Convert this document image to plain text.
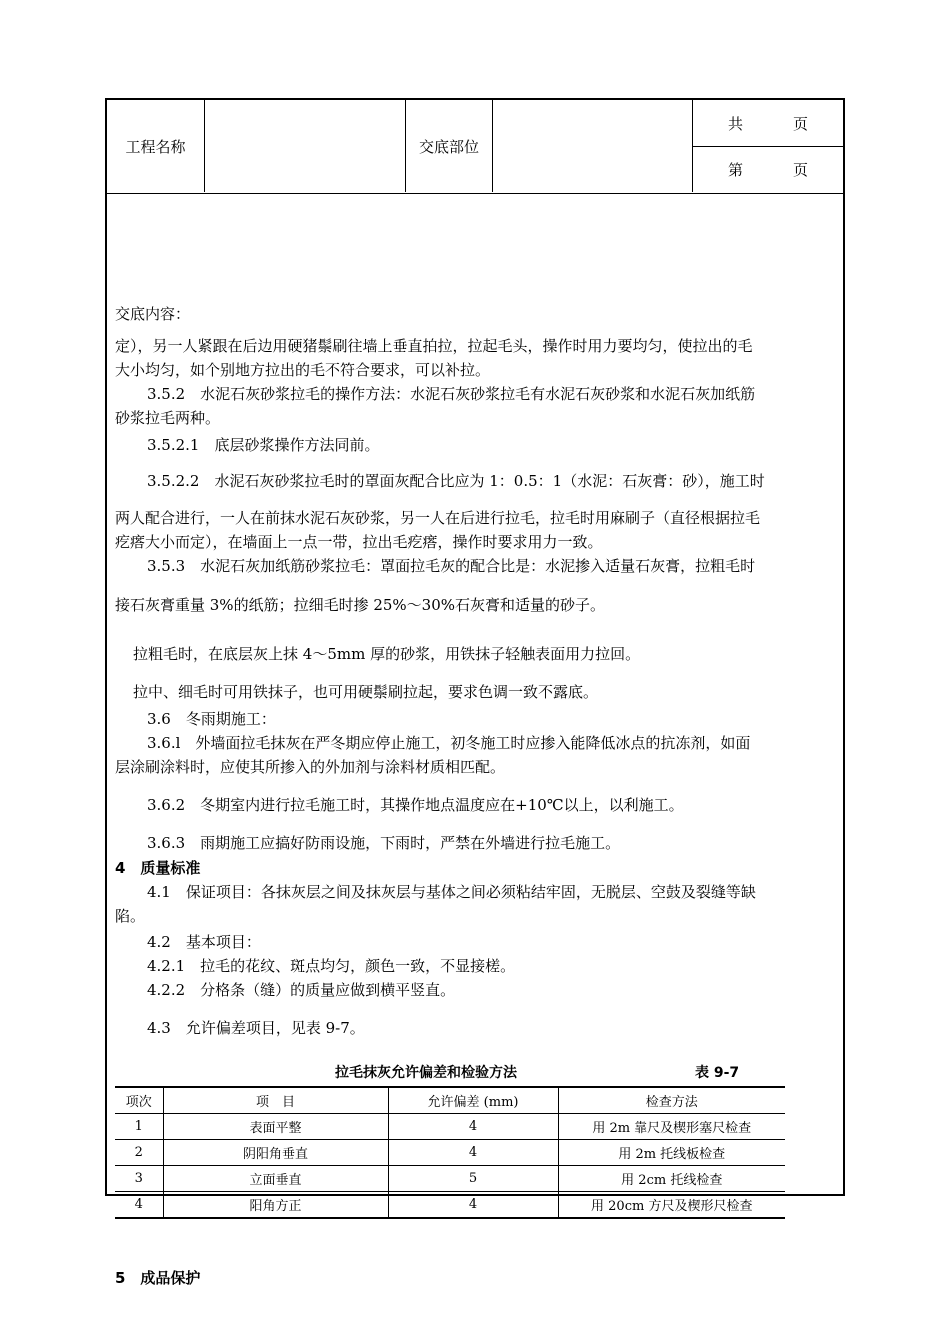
工程名称	交底部位
共	页
第	页
交底内容：
定），另一人紧跟在后边用硬猪鬃刷往墙上垂直拍拉，拉起毛头，操作时用力要均匀，使拉出的毛
大小均匀，如个别地方拉出的毛不符合要求，可以补拉。
3.5.2　水泥石灰砂浆拉毛的操作方法：水泥石灰砂浆拉毛有水泥石灰砂浆和水泥石灰加纸筋
砂浆拉毛两种。
3.5.2.1　底层砂浆操作方法同前。
3.5.2.2　水泥石灰砂浆拉毛时的罩面灰配合比应为 1：0.5：1（水泥：石灰膏：砂），施工时
两人配合进行，一人在前抹水泥石灰砂浆，另一人在后进行拉毛，拉毛时用麻刷子（直径根据拉毛
疙瘩大小而定），在墙面上一点一带，拉出毛疙瘩，操作时要求用力一致。
3.5.3　水泥石灰加纸筋砂浆拉毛：罩面拉毛灰的配合比是：水泥掺入适量石灰膏，拉粗毛时
接石灰膏重量 3%的纸筋；拉细毛时掺 25%～30%石灰膏和适量的砂子。
拉粗毛时，在底层灰上抹 4～5mm 厚的砂浆，用铁抹子轻触表面用力拉回。
拉中、细毛时可用铁抹子，也可用硬鬃刷拉起，要求色调一致不露底。
3.6　冬雨期施工：
3.6.l　外墙面拉毛抹灰在严冬期应停止施工，初冬施工时应掺入能降低冰点的抗冻剂，如面
层涂刷涂料时，应使其所掺入的外加剂与涂料材质相匹配。
3.6.2　冬期室内进行拉毛施工时，其操作地点温度应在+10℃以上，以利施工。
3.6.3　雨期施工应搞好防雨设施，下雨时，严禁在外墙进行拉毛施工。
4　质量标准
4.1　保证项目：各抹灰层之间及抹灰层与基体之间必须粘结牢固，无脱层、空鼓及裂缝等缺
陷。
4.2　基本项目：
4.2.1　拉毛的花纹、斑点均匀，颜色一致，不显接槎。
4.2.2　分格条（缝）的质量应做到横平竖直。
4.3　允许偏差项目，见表 9-7。
拉毛抹灰允许偏差和检验方法	表 9-7
项次	项　目	允许偏差 (mm)	检查方法
1	表面平整	4	用 2m 靠尺及楔形塞尺检查
2	阴阳角垂直	4	用 2m 托线板检查
3	立面垂直	5	用 2cm 托线检查
4	阳角方正	4	用 20cm 方尺及楔形尺检查
5　成品保护
